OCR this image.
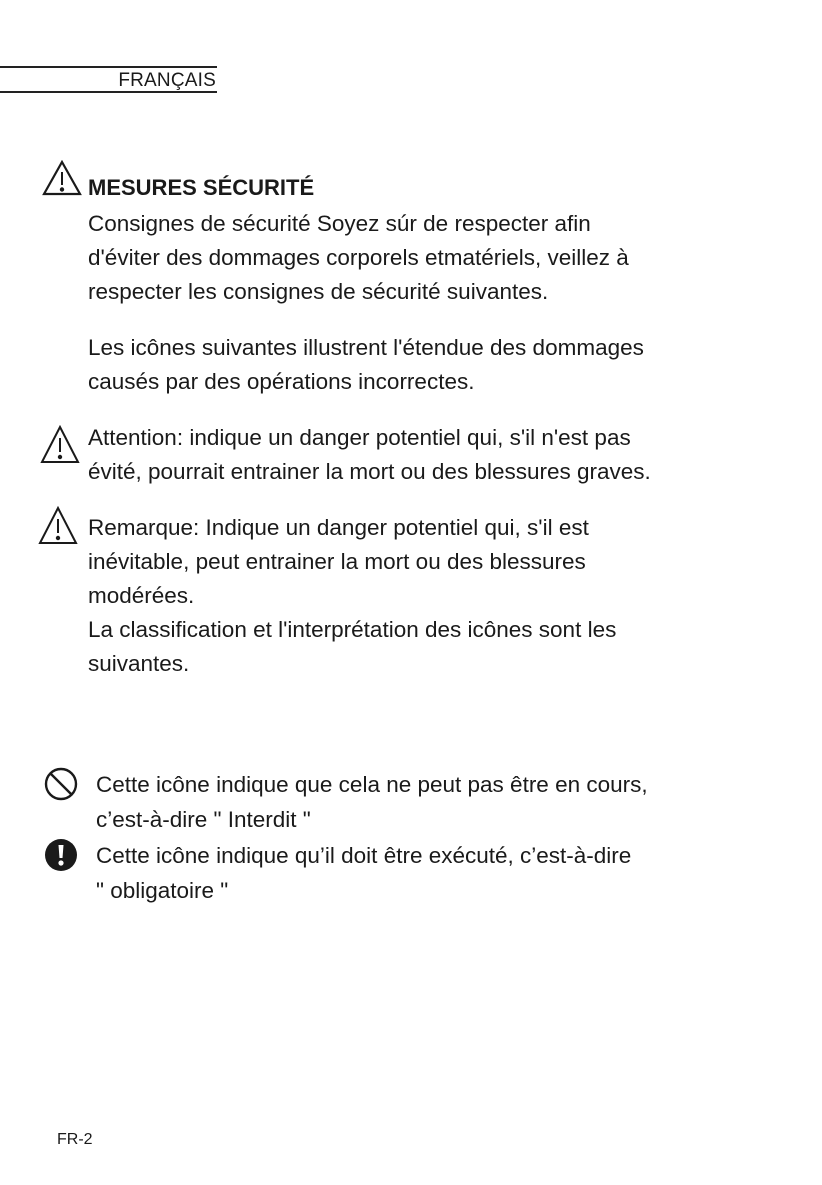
FRANÇAIS
MESURES SÉCURITÉ
Consignes de sécurité Soyez súr de respecter afin
d'éviter des dommages corporels etmatériels, veillez à
respecter les consignes de sécurité suivantes.
Les icônes suivantes illustrent l'étendue des dommages
causés par des opérations incorrectes.
Attention: indique un danger potentiel qui, s'il n'est pas
évité, pourrait entrainer la mort ou des blessures graves.
Remarque: Indique un danger potentiel qui, s'il est
inévitable, peut entrainer la mort ou des blessures
modérées.
La classification et l'interprétation des icônes sont les
suivantes.
Cette icône indique que cela ne peut pas être en cours,
c’est-à-dire " Interdit "
Cette icône indique qu’il doit être exécuté, c’est-à-dire
" obligatoire "
FR-2
